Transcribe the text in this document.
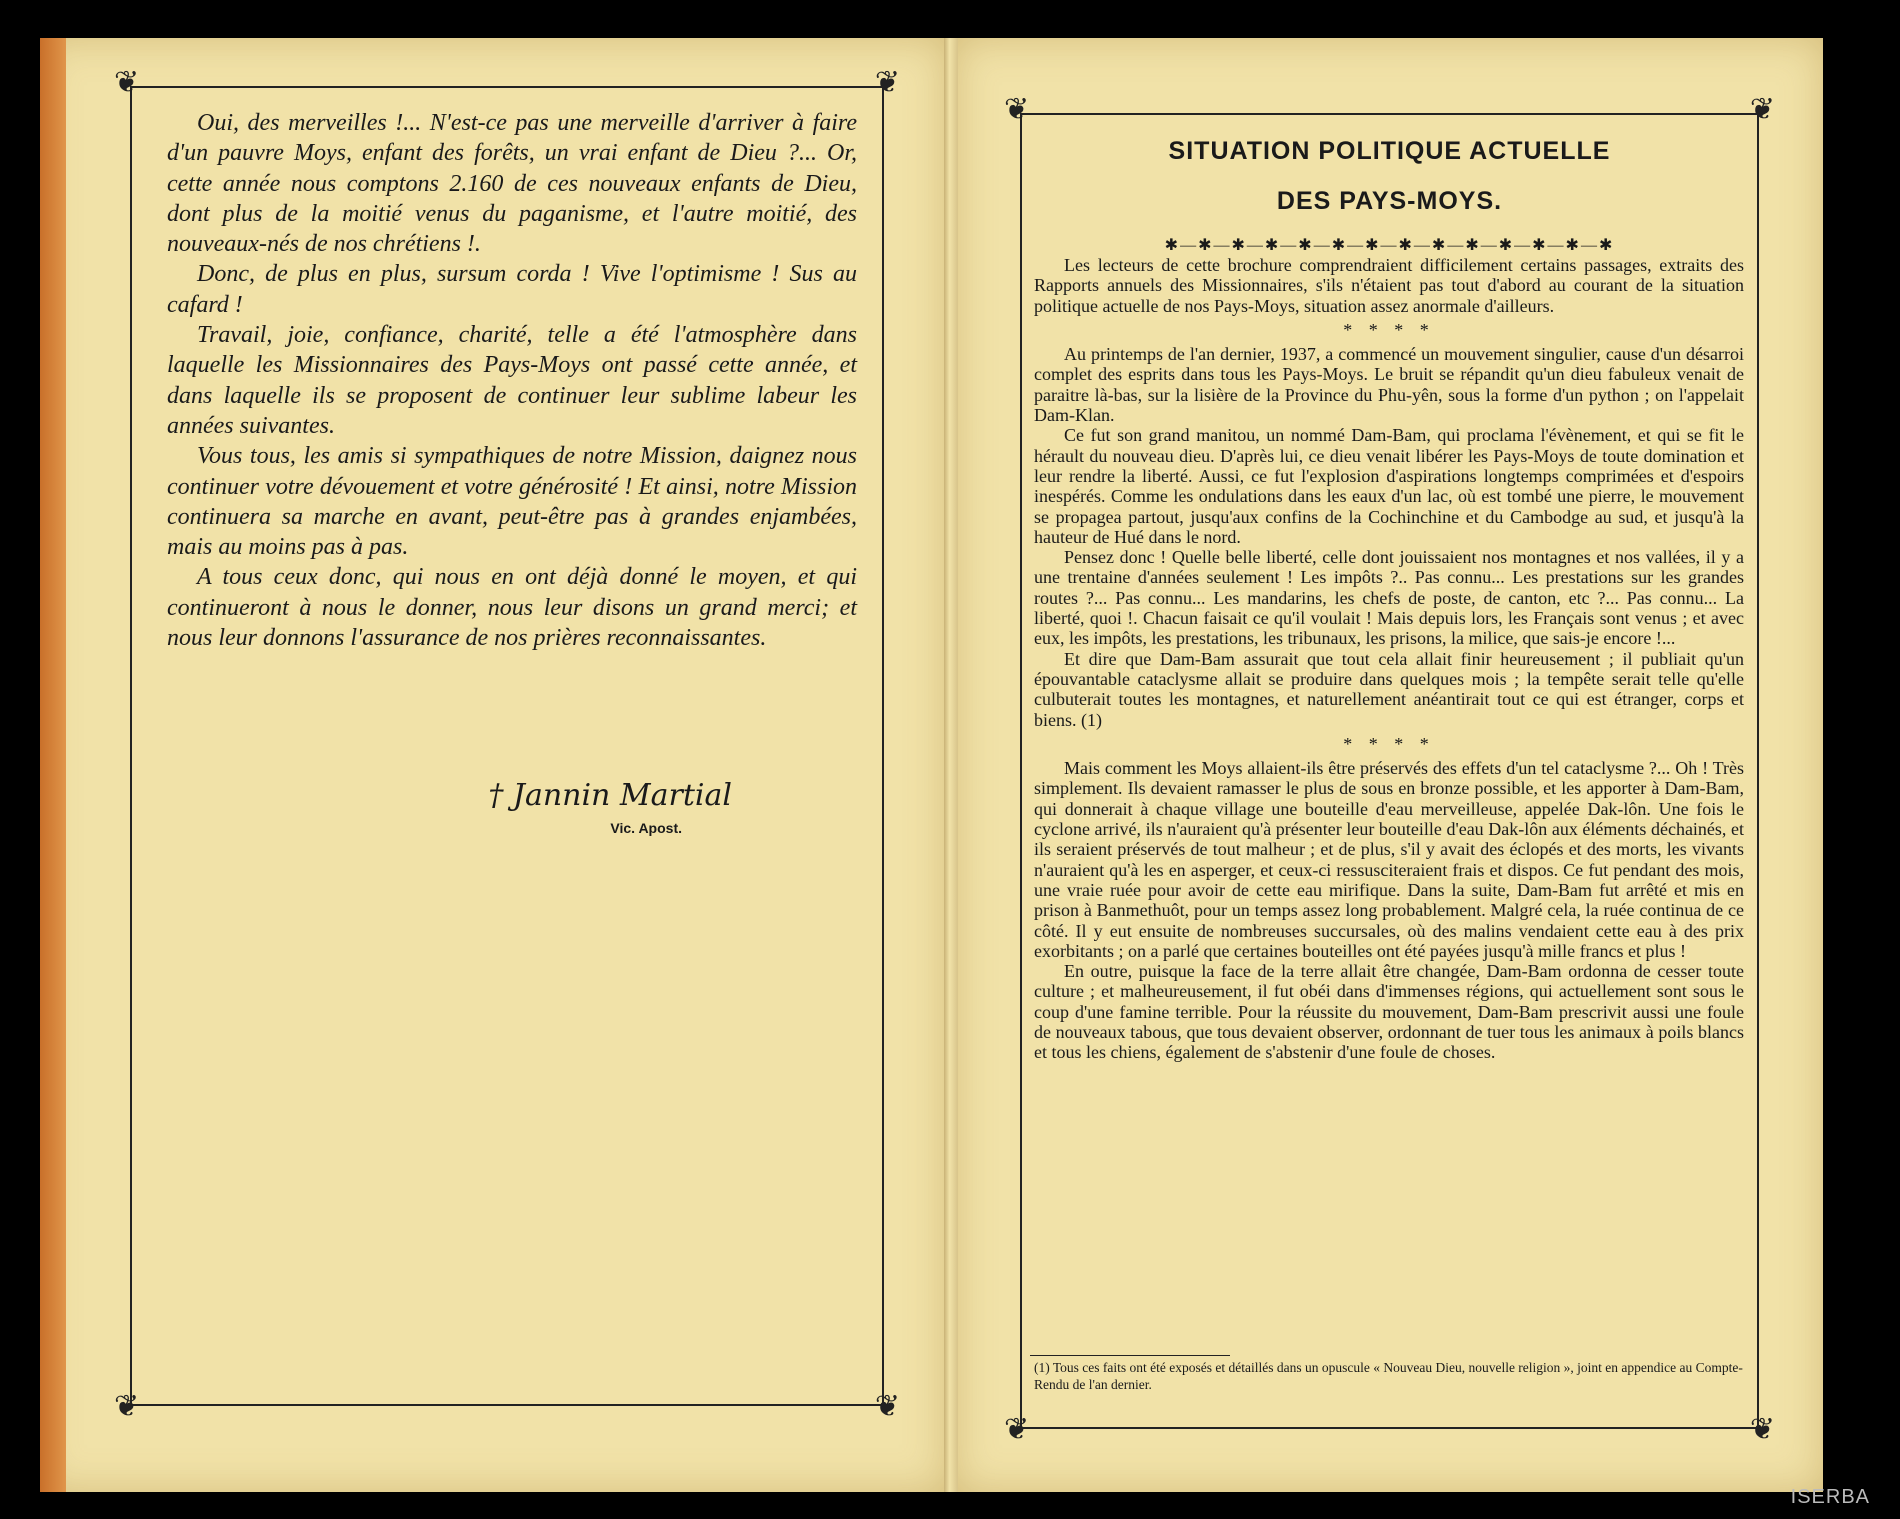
❦	❦
❦	❦

Oui, des merveilles !... N'est-ce pas une merveille d'arriver à faire d'un pauvre Moys, enfant des forêts, un vrai enfant de Dieu ?... Or, cette année nous comptons 2.160 de ces nouveaux enfants de Dieu, dont plus de la moitié venus du paganisme, et l'autre moitié, des nouveaux-nés de nos chrétiens !.

Donc, de plus en plus, sursum corda ! Vive l'optimisme ! Sus au cafard !

Travail, joie, confiance, charité, telle a été l'atmosphère dans laquelle les Missionnaires des Pays-Moys ont passé cette année, et dans laquelle ils se proposent de continuer leur sublime labeur les années suivantes.

Vous tous, les amis si sympathiques de notre Mission, daignez nous continuer votre dévouement et votre générosité ! Et ainsi, notre Mission continuera sa marche en avant, peut-être pas à grandes enjambées, mais au moins pas à pas.

A tous ceux donc, qui nous en ont déjà donné le moyen, et qui continueront à nous le donner, nous leur disons un grand merci; et nous leur donnons l'assurance de nos prières reconnaissantes.

† Jannin Martial
Vic. Apost.
❦	❦
❦	❦
SITUATION POLITIQUE ACTUELLE
DES PAYS-MOYS.
✱—✱—✱—✱—✱—✱—✱—✱—✱—✱—✱—✱—✱—✱

Les lecteurs de cette brochure comprendraient difficilement certains passages, extraits des Rapports annuels des Missionnaires, s'ils n'étaient pas tout d'abord au courant de la situation politique actuelle de nos Pays-Moys, situation assez anormale d'ailleurs.

* * * *

Au printemps de l'an dernier, 1937, a commencé un mouvement singulier, cause d'un désarroi complet des esprits dans tous les Pays-Moys. Le bruit se répandit qu'un dieu fabuleux venait de paraitre là-bas, sur la lisière de la Province du Phu-yên, sous la forme d'un python ; on l'appelait Dam-Klan.

Ce fut son grand manitou, un nommé Dam-Bam, qui proclama l'évènement, et qui se fit le hérault du nouveau dieu. D'après lui, ce dieu venait libérer les Pays-Moys de toute domination et leur rendre la liberté. Aussi, ce fut l'explosion d'aspirations longtemps comprimées et d'espoirs inespérés. Comme les ondulations dans les eaux d'un lac, où est tombé une pierre, le mouvement se propagea partout, jusqu'aux confins de la Cochinchine et du Cambodge au sud, et jusqu'à la hauteur de Hué dans le nord.

Pensez donc ! Quelle belle liberté, celle dont jouissaient nos montagnes et nos vallées, il y a une trentaine d'années seulement ! Les impôts ?.. Pas connu... Les prestations sur les grandes routes ?... Pas connu... Les mandarins, les chefs de poste, de canton, etc ?... Pas connu... La liberté, quoi !. Chacun faisait ce qu'il voulait ! Mais depuis lors, les Français sont venus ; et avec eux, les impôts, les prestations, les tribunaux, les prisons, la milice, que sais-je encore !...

Et dire que Dam-Bam assurait que tout cela allait finir heureusement ; il publiait qu'un épouvantable cataclysme allait se produire dans quelques mois ; la tempête serait telle qu'elle culbuterait toutes les montagnes, et naturellement anéantirait tout ce qui est étranger, corps et biens. (1)

* * * *

Mais comment les Moys allaient-ils être préservés des effets d'un tel cataclysme ?... Oh ! Très simplement. Ils devaient ramasser le plus de sous en bronze possible, et les apporter à Dam-Bam, qui donnerait à chaque village une bouteille d'eau merveilleuse, appelée Dak-lôn. Une fois le cyclone arrivé, ils n'auraient qu'à présenter leur bouteille d'eau Dak-lôn aux éléments déchainés, et ils seraient préservés de tout malheur ; et de plus, s'il y avait des éclopés et des morts, les vivants n'auraient qu'à les en asperger, et ceux-ci ressusciteraient frais et dispos. Ce fut pendant des mois, une vraie ruée pour avoir de cette eau mirifique. Dans la suite, Dam-Bam fut arrêté et mis en prison à Banmethuôt, pour un temps assez long probablement. Malgré cela, la ruée continua de ce côté. Il y eut ensuite de nombreuses succursales, où des malins vendaient cette eau à des prix exorbitants ; on a parlé que certaines bouteilles ont été payées jusqu'à mille francs et plus !

En outre, puisque la face de la terre allait être changée, Dam-Bam ordonna de cesser toute culture ; et malheureusement, il fut obéi dans d'immenses régions, qui actuellement sont sous le coup d'une famine terrible. Pour la réussite du mouvement, Dam-Bam prescrivit aussi une foule de nouveaux tabous, que tous devaient observer, ordonnant de tuer tous les animaux à poils blancs et tous les chiens, également de s'abstenir d'une foule de choses.

(1) Tous ces faits ont été exposés et détaillés dans un opuscule « Nouveau Dieu, nouvelle religion », joint en appendice au Compte-Rendu de l'an dernier.
ISERBA
